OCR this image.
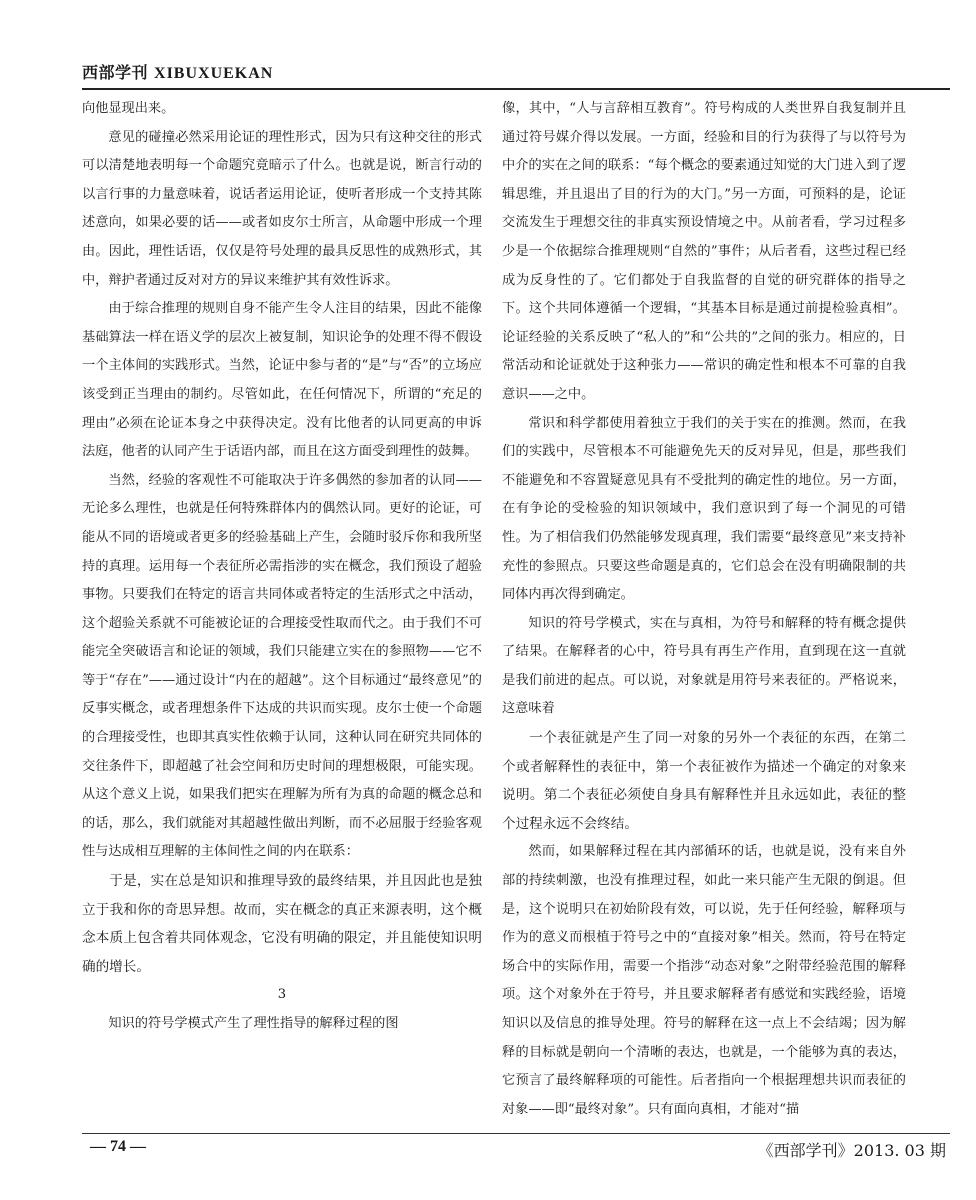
西部学刊 XIBUXUEKAN

向他显现出来。

意见的碰撞必然采用论证的理性形式，因为只有这种交往的形式可以清楚地表明每一个命题究竟暗示了什么。也就是说，断言行动的以言行事的力量意味着，说话者运用论证，使听者形成一个支持其陈述意向，如果必要的话——或者如皮尔士所言，从命题中形成一个理由。因此，理性话语，仅仅是符号处理的最具反思性的成熟形式，其中，辩护者通过反对对方的异议来维护其有效性诉求。

由于综合推理的规则自身不能产生令人注目的结果，因此不能像基础算法一样在语义学的层次上被复制，知识论争的处理不得不假设一个主体间的实践形式。当然，论证中参与者的“是”与“否”的立场应该受到正当理由的制约。尽管如此，在任何情况下，所谓的“充足的理由”必须在论证本身之中获得决定。没有比他者的认同更高的申诉法庭，他者的认同产生于话语内部，而且在这方面受到理性的鼓舞。

当然，经验的客观性不可能取决于许多偶然的参加者的认同——无论多么理性，也就是任何特殊群体内的偶然认同。更好的论证，可能从不同的语境或者更多的经验基础上产生，会随时驳斥你和我所坚持的真理。运用每一个表征所必需指涉的实在概念，我们预设了超验事物。只要我们在特定的语言共同体或者特定的生活形式之中活动，这个超验关系就不可能被论证的合理接受性取而代之。由于我们不可能完全突破语言和论证的领域，我们只能建立实在的参照物——它不等于“存在”——通过设计“内在的超越”。这个目标通过“最终意见”的反事实概念，或者理想条件下达成的共识而实现。皮尔士使一个命题的合理接受性，也即其真实性依赖于认同，这种认同在研究共同体的交往条件下，即超越了社会空间和历史时间的理想极限，可能实现。从这个意义上说，如果我们把实在理解为所有为真的命题的概念总和的话，那么，我们就能对其超越性做出判断，而不必屈服于经验客观性与达成相互理解的主体间性之间的内在联系：

于是，实在总是知识和推理导致的最终结果，并且因此也是独立于我和你的奇思异想。故而，实在概念的真正来源表明，这个概念本质上包含着共同体观念，它没有明确的限定，并且能使知识明确的增长。

3

知识的符号学模式产生了理性指导的解释过程的图

像，其中，“人与言辞相互教育”。符号构成的人类世界自我复制并且通过符号媒介得以发展。一方面，经验和目的行为获得了与以符号为中介的实在之间的联系：“每个概念的要素通过知觉的大门进入到了逻辑思维，并且退出了目的行为的大门。”另一方面，可预料的是，论证交流发生于理想交往的非真实预设情境之中。从前者看，学习过程多少是一个依据综合推理规则“自然的”事件；从后者看，这些过程已经成为反身性的了。它们都处于自我监督的自觉的研究群体的指导之下。这个共同体遵循一个逻辑，“其基本目标是通过前提检验真相”。论证经验的关系反映了“私人的”和“公共的”之间的张力。相应的，日常活动和论证就处于这种张力——常识的确定性和根本不可靠的自我意识——之中。

常识和科学都使用着独立于我们的关于实在的推测。然而，在我们的实践中，尽管根本不可能避免先天的反对异见，但是，那些我们不能避免和不容置疑意见具有不受批判的确定性的地位。另一方面，在有争论的受检验的知识领域中，我们意识到了每一个洞见的可错性。为了相信我们仍然能够发现真理，我们需要“最终意见”来支持补充性的参照点。只要这些命题是真的，它们总会在没有明确限制的共同体内再次得到确定。

知识的符号学模式，实在与真相，为符号和解释的特有概念提供了结果。在解释者的心中，符号具有再生产作用，直到现在这一直就是我们前进的起点。可以说，对象就是用符号来表征的。严格说来，这意味着

一个表征就是产生了同一对象的另外一个表征的东西，在第二个或者解释性的表征中，第一个表征被作为描述一个确定的对象来说明。第二个表征必须使自身具有解释性并且永远如此，表征的整个过程永远不会终结。

然而，如果解释过程在其内部循环的话，也就是说，没有来自外部的持续刺激，也没有推理过程，如此一来只能产生无限的倒退。但是，这个说明只在初始阶段有效，可以说，先于任何经验，解释项与作为的意义而根植于符号之中的“直接对象”相关。然而，符号在特定场合中的实际作用，需要一个指涉“动态对象”之附带经验范围的解释项。这个对象外在于符号，并且要求解释者有感觉和实践经验，语境知识以及信息的推导处理。符号的解释在这一点上不会结竭；因为解释的目标就是朝向一个清晰的表达，也就是，一个能够为真的表达，它预言了最终解释项的可能性。后者指向一个根据理想共识而表征的对象——即“最终对象”。只有面向真相，才能对“描

— 74 —	《西部学刊》2013. 03 期
